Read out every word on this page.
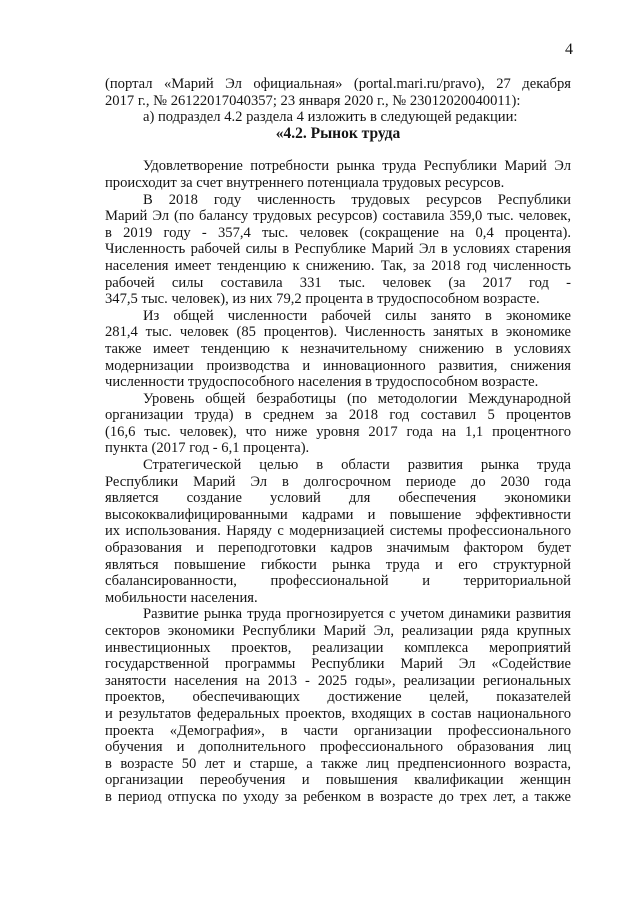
4
(портал «Марий Эл официальная» (portal.mari.ru/pravo), 27 декабря
2017 г., № 26122017040357; 23 января 2020 г., № 23012020040011):
а) подраздел 4.2 раздела 4 изложить в следующей редакции:
«4.2. Рынок труда
Удовлетворение потребности рынка труда Республики Марий Эл
происходит за счет внутреннего потенциала трудовых ресурсов.
В 2018 году численность трудовых ресурсов Республики
Марий Эл (по балансу трудовых ресурсов) составила 359,0 тыс. человек,
в 2019 году - 357,4 тыс. человек (сокращение на 0,4 процента).
Численность рабочей силы в Республике Марий Эл в условиях старения
населения имеет тенденцию к снижению. Так, за 2018 год численность
рабочей силы составила 331 тыс. человек (за 2017 год -
347,5 тыс. человек), из них 79,2 процента в трудоспособном возрасте.
Из общей численности рабочей силы занято в экономике
281,4 тыс. человек (85 процентов). Численность занятых в экономике
также имеет тенденцию к незначительному снижению в условиях
модернизации производства и инновационного развития, снижения
численности трудоспособного населения в трудоспособном возрасте.
Уровень общей безработицы (по методологии Международной
организации труда) в среднем за 2018 год составил 5 процентов
(16,6 тыс. человек), что ниже уровня 2017 года на 1,1 процентного
пункта (2017 год - 6,1 процента).
Стратегической целью в области развития рынка труда
Республики Марий Эл в долгосрочном периоде до 2030 года
является создание условий для обеспечения экономики
высококвалифицированными кадрами и повышение эффективности
их использования. Наряду с модернизацией системы профессионального
образования и переподготовки кадров значимым фактором будет
являться повышение гибкости рынка труда и его структурной
сбалансированности, профессиональной и территориальной
мобильности населения.
Развитие рынка труда прогнозируется с учетом динамики развития
секторов экономики Республики Марий Эл, реализации ряда крупных
инвестиционных проектов, реализации комплекса мероприятий
государственной программы Республики Марий Эл «Содействие
занятости населения на 2013 - 2025 годы», реализации региональных
проектов, обеспечивающих достижение целей, показателей
и результатов федеральных проектов, входящих в состав национального
проекта «Демография», в части организации профессионального
обучения и дополнительного профессионального образования лиц
в возрасте 50 лет и старше, а также лиц предпенсионного возраста,
организации переобучения и повышения квалификации женщин
в период отпуска по уходу за ребенком в возрасте до трех лет, а также
